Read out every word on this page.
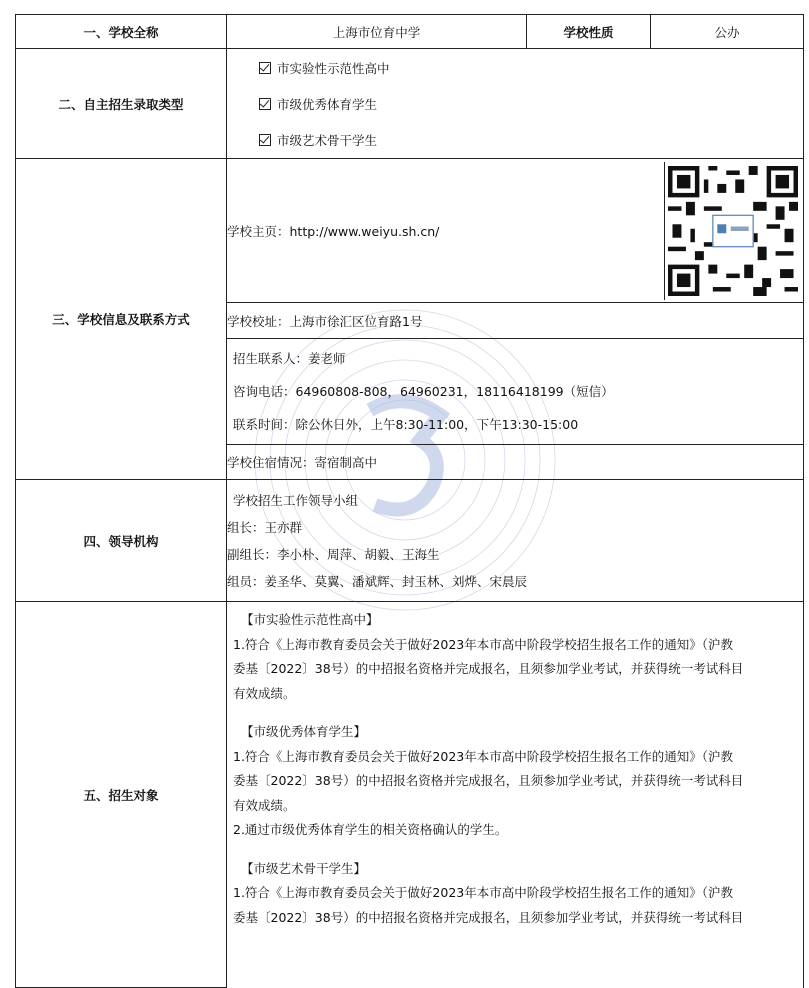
一、学校全称	上海市位育中学	学校性质	公办
二、自主招生录取类型	
市实验性示范性高中
市级优秀体育学生
市级艺术骨干学生

三、学校信息及联系方式	
学校主页：http://www.weiyu.sh.cn/	

学校校址：上海市徐汇区位育路1号

招生联系人：姜老师
咨询电话：64960808-808，64960231，18116418199（短信）
联系时间：除公休日外，上午8:30-11:00，下午13:30-15:00

学校住宿情况：寄宿制高中
四、领导机构	
学校招生工作领导小组
组长：王亦群
副组长：李小朴、周萍、胡毅、王海生
组员：姜圣华、莫翼、潘斌辉、封玉林、刘烨、宋晨辰

五、招生对象	

【市实验性示范性高中】

1.符合《上海市教育委员会关于做好2023年本市高中阶段学校招生报名工作的通知》（沪教

委基〔2022〕38号）的中招报名资格并完成报名，且须参加学业考试，并获得统一考试科目

有效成绩。

【市级优秀体育学生】

1.符合《上海市教育委员会关于做好2023年本市高中阶段学校招生报名工作的通知》（沪教

委基〔2022〕38号）的中招报名资格并完成报名，且须参加学业考试，并获得统一考试科目

有效成绩。

2.通过市级优秀体育学生的相关资格确认的学生。

【市级艺术骨干学生】

1.符合《上海市教育委员会关于做好2023年本市高中阶段学校招生报名工作的通知》（沪教

委基〔2022〕38号）的中招报名资格并完成报名，且须参加学业考试，并获得统一考试科目
